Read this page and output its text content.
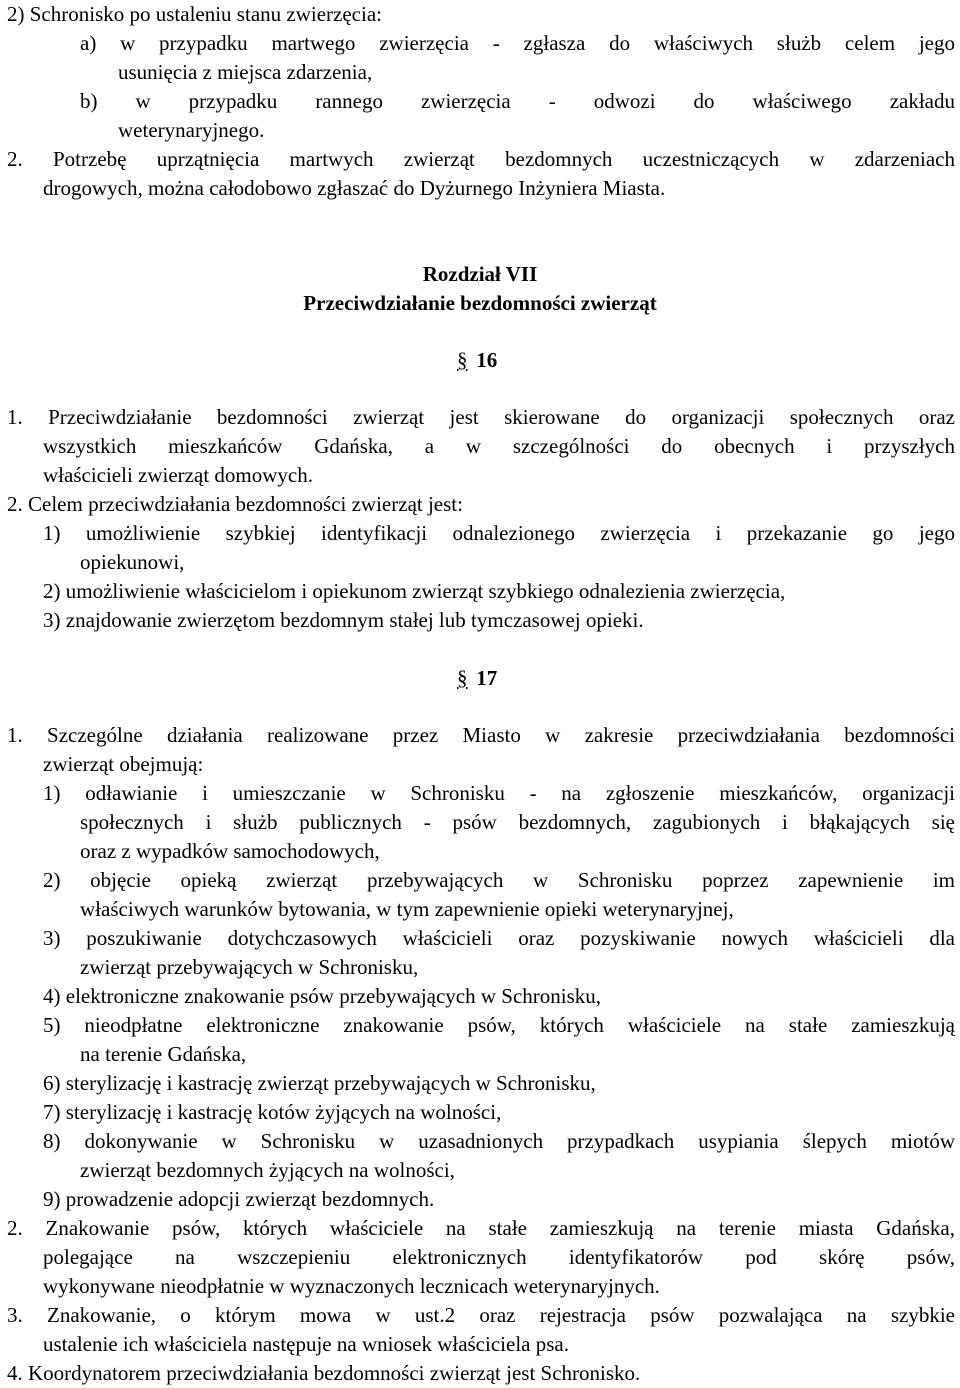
2) Schronisko po ustaleniu stanu zwierzęcia:
a) w przypadku martwego zwierzęcia - zgłasza do właściwych służb celem jego
usunięcia z miejsca zdarzenia,
b) w przypadku rannego zwierzęcia - odwozi do właściwego zakładu
weterynaryjnego.
2. Potrzebę uprzątnięcia martwych zwierząt bezdomnych uczestniczących w zdarzeniach
drogowych, można całodobowo zgłaszać do Dyżurnego Inżyniera Miasta.
Rozdział VII
Przeciwdziałanie bezdomności zwierząt
§ 16
1. Przeciwdziałanie bezdomności zwierząt jest skierowane do organizacji społecznych oraz
wszystkich mieszkańców Gdańska, a w szczególności do obecnych i przyszłych
właścicieli zwierząt domowych.
2. Celem przeciwdziałania bezdomności zwierząt jest:
1) umożliwienie szybkiej identyfikacji odnalezionego zwierzęcia i przekazanie go jego
opiekunowi,
2) umożliwienie właścicielom i opiekunom zwierząt szybkiego odnalezienia zwierzęcia,
3) znajdowanie zwierzętom bezdomnym stałej lub tymczasowej opieki.
§ 17
1. Szczególne działania realizowane przez Miasto w zakresie przeciwdziałania bezdomności
zwierząt obejmują:
1) odławianie i umieszczanie w Schronisku - na zgłoszenie mieszkańców, organizacji
społecznych i służb publicznych - psów bezdomnych, zagubionych i błąkających się
oraz z wypadków samochodowych,
2) objęcie opieką zwierząt przebywających w Schronisku poprzez zapewnienie im
właściwych warunków bytowania, w tym zapewnienie opieki weterynaryjnej,
3) poszukiwanie dotychczasowych właścicieli oraz pozyskiwanie nowych właścicieli dla
zwierząt przebywających w Schronisku,
4) elektroniczne znakowanie psów przebywających w Schronisku,
5) nieodpłatne elektroniczne znakowanie psów, których właściciele na stałe zamieszkują
na terenie Gdańska,
6) sterylizację i kastrację zwierząt przebywających w Schronisku,
7) sterylizację i kastrację kotów żyjących na wolności,
8) dokonywanie w Schronisku w uzasadnionych przypadkach usypiania ślepych miotów
zwierząt bezdomnych żyjących na wolności,
9) prowadzenie adopcji zwierząt bezdomnych.
2. Znakowanie psów, których właściciele na stałe zamieszkują na terenie miasta Gdańska,
polegające na wszczepieniu elektronicznych identyfikatorów pod skórę psów,
wykonywane nieodpłatnie w wyznaczonych lecznicach weterynaryjnych.
3. Znakowanie, o którym mowa w ust.2 oraz rejestracja psów pozwalająca na szybkie
ustalenie ich właściciela następuje na wniosek właściciela psa.
4. Koordynatorem przeciwdziałania bezdomności zwierząt jest Schronisko.
